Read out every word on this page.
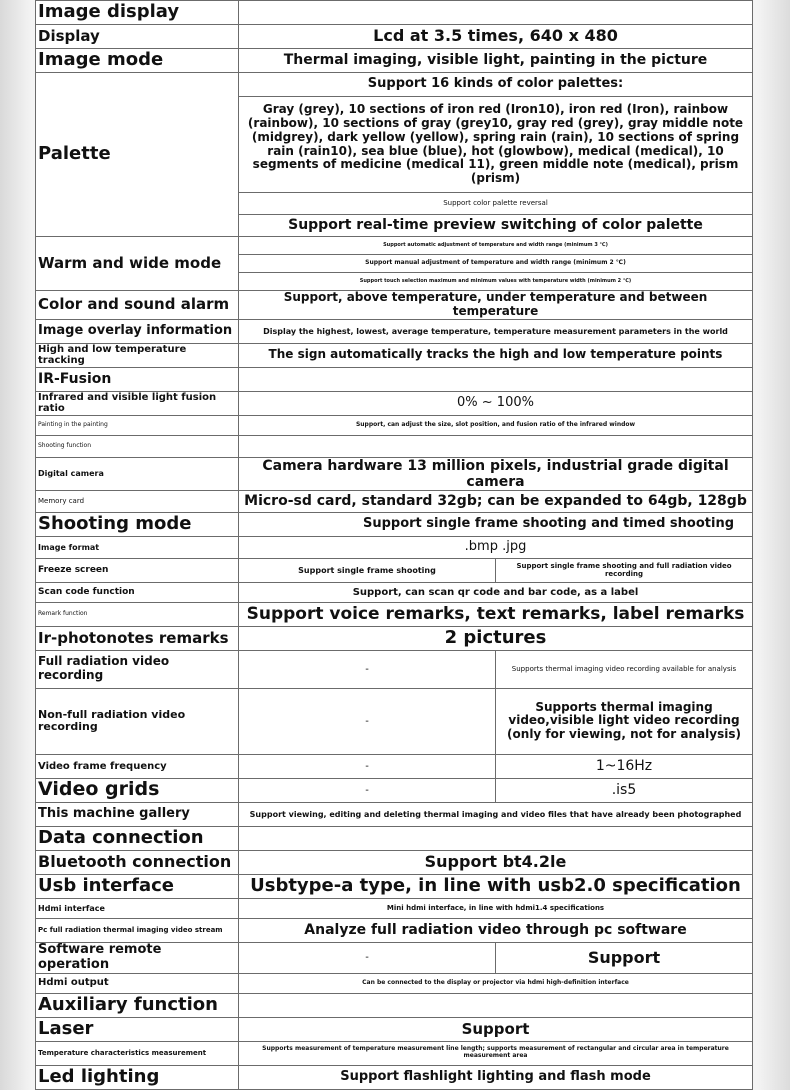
Image display		
Display	Lcd at 3.5 times, 640 x 480	
Image mode	Thermal imaging, visible light, painting in the picture	
Palette	Support 16 kinds of color palettes:	
	Gray (grey), 10 sections of iron red (Iron10), iron red (Iron), rainbow (rainbow), 10 sections of gray (grey10, gray red (grey), gray middle note (midgrey), dark yellow (yellow), spring rain (rain), 10 sections of spring rain (rain10), sea blue (blue), hot (glowbow), medical (medical), 10 segments of medicine (medical 11), green middle note (medical), prism (prism)	
	Support color palette reversal	
	Support real-time preview switching of color palette	
Warm and wide mode	Support automatic adjustment of temperature and width range (minimum 3 ℃)	
	Support manual adjustment of temperature and width range (minimum 2 ℃)	
	Support touch selection maximum and minimum values with temperature width (minimum 2 ℃)	
Color and sound alarm	Support, above temperature, under temperature and between temperature	
Image overlay information	Display the highest, lowest, average temperature, temperature measurement parameters in the world	
High and low temperature tracking	The sign automatically tracks the high and low temperature points	
IR-Fusion		
Infrared and visible light fusion ratio	0% ~ 100%	
Painting in the painting	Support, can adjust the size, slot position, and fusion ratio of the infrared window	
Shooting function		
Digital camera	Camera hardware 13 million pixels, industrial grade digital camera	
Memory card	Micro-sd card, standard 32gb; can be expanded to 64gb, 128gb	
Shooting mode	Support single frame shooting and timed shooting	
Image format	.bmp .jpg	
Freeze screen	Support single frame shooting	Support single frame shooting and full radiation video recording
Scan code function	Support, can scan qr code and bar code, as a label	
Remark function	Support voice remarks, text remarks, label remarks	
Ir-photonotes remarks	2 pictures	
Full radiation video recording	-	Supports thermal imaging video recording available for analysis
Non-full radiation video recording	-	Supports thermal imaging video,visible light video recording (only for viewing, not for analysis)
Video frame frequency	-	1~16Hz
Video grids	-	.is5
This machine gallery	Support viewing, editing and deleting thermal imaging and video files that have already been photographed	
Data connection		
Bluetooth connection	Support bt4.2le	
Usb interface	Usbtype-a type, in line with usb2.0 specification	
Hdmi interface	Mini hdmi interface, in line with hdmi1.4 specifications	
Pc full radiation thermal imaging video stream	Analyze full radiation video through pc software	
Software remote operation	-	Support
Hdmi output	Can be connected to the display or projector via hdmi high-definition interface	
Auxiliary function		
Laser	Support	
Temperature characteristics measurement	Supports measurement of temperature measurement line length; supports measurement of rectangular and circular area in temperature measurement area	
Led lighting	Support flashlight lighting and flash mode	
